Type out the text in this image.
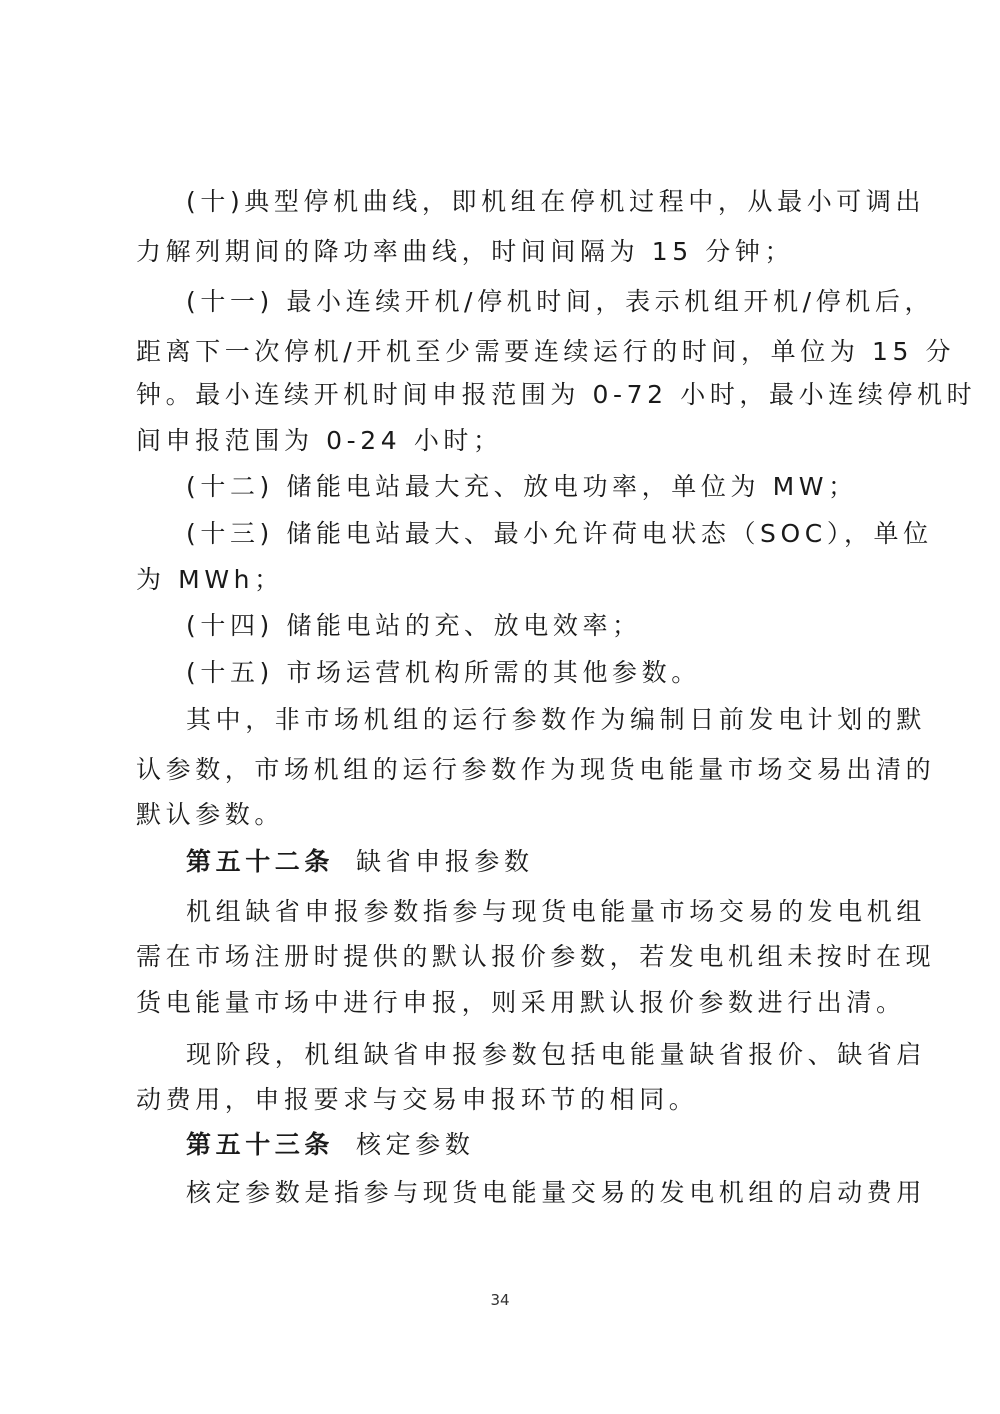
(十)典型停机曲线，即机组在停机过程中，从最小可调出
力解列期间的降功率曲线，时间间隔为 15 分钟；
(十一) 最小连续开机/停机时间，表示机组开机/停机后，
距离下一次停机/开机至少需要连续运行的时间，单位为 15 分
钟。最小连续开机时间申报范围为 0-72 小时，最小连续停机时
间申报范围为 0-24 小时；
(十二) 储能电站最大充、放电功率，单位为 MW；
(十三) 储能电站最大、最小允许荷电状态（SOC），单位
为 MWh；
(十四) 储能电站的充、放电效率；
(十五) 市场运营机构所需的其他参数。
其中，非市场机组的运行参数作为编制日前发电计划的默
认参数，市场机组的运行参数作为现货电能量市场交易出清的
默认参数。
第五十二条 缺省申报参数
机组缺省申报参数指参与现货电能量市场交易的发电机组
需在市场注册时提供的默认报价参数，若发电机组未按时在现
货电能量市场中进行申报，则采用默认报价参数进行出清。
现阶段，机组缺省申报参数包括电能量缺省报价、缺省启
动费用，申报要求与交易申报环节的相同。
第五十三条 核定参数
核定参数是指参与现货电能量交易的发电机组的启动费用
34
